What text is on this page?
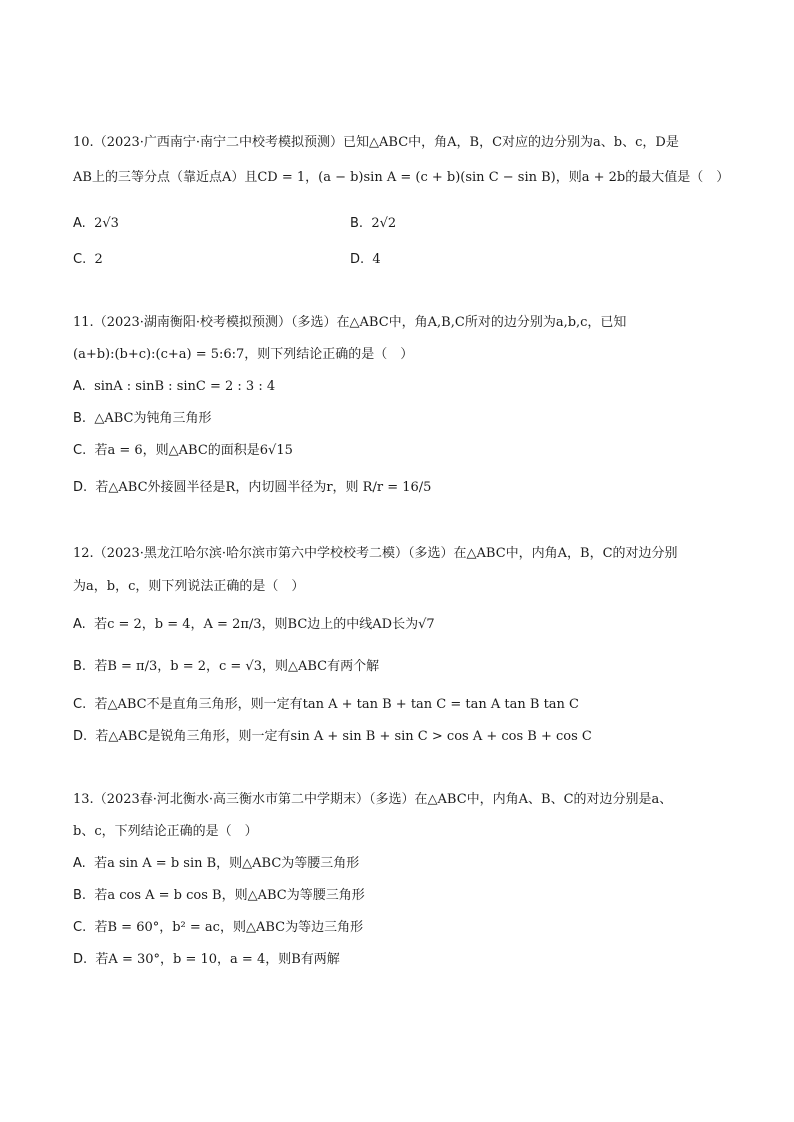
10.（2023·广西南宁·南宁二中校考模拟预测）已知△ABC中，角A，B，C对应的边分别为a、b、c，D是
AB上的三等分点（靠近点A）且CD = 1，(a − b)sin A = (c + b)(sin C − sin B)，则a + 2b的最大值是（　）
A. 2√3	B. 2√2
C. 2	D. 4
11.（2023·湖南衡阳·校考模拟预测）（多选）在△ABC中，角A,B,C所对的边分别为a,b,c，已知
(a+b):(b+c):(c+a) = 5:6:7，则下列结论正确的是（　）
A. sinA : sinB : sinC = 2 : 3 : 4
B. △ABC为钝角三角形
C. 若a = 6，则△ABC的面积是6√15
D. 若△ABC外接圆半径是R，内切圆半径为r，则 R/r = 16/5
12.（2023·黑龙江哈尔滨·哈尔滨市第六中学校校考二模）（多选）在△ABC中，内角A，B，C的对边分别
为a，b，c，则下列说法正确的是（　）
A. 若c = 2，b = 4，A = 2π/3，则BC边上的中线AD长为√7
B. 若B = π/3，b = 2，c = √3，则△ABC有两个解
C. 若△ABC不是直角三角形，则一定有tan A + tan B + tan C = tan A tan B tan C
D. 若△ABC是锐角三角形，则一定有sin A + sin B + sin C > cos A + cos B + cos C
13.（2023春·河北衡水·高三衡水市第二中学期末）（多选）在△ABC中，内角A、B、C的对边分别是a、
b、c，下列结论正确的是（　）
A. 若a sin A = b sin B，则△ABC为等腰三角形
B. 若a cos A = b cos B，则△ABC为等腰三角形
C. 若B = 60°，b² = ac，则△ABC为等边三角形
D. 若A = 30°，b = 10，a = 4，则B有两解
